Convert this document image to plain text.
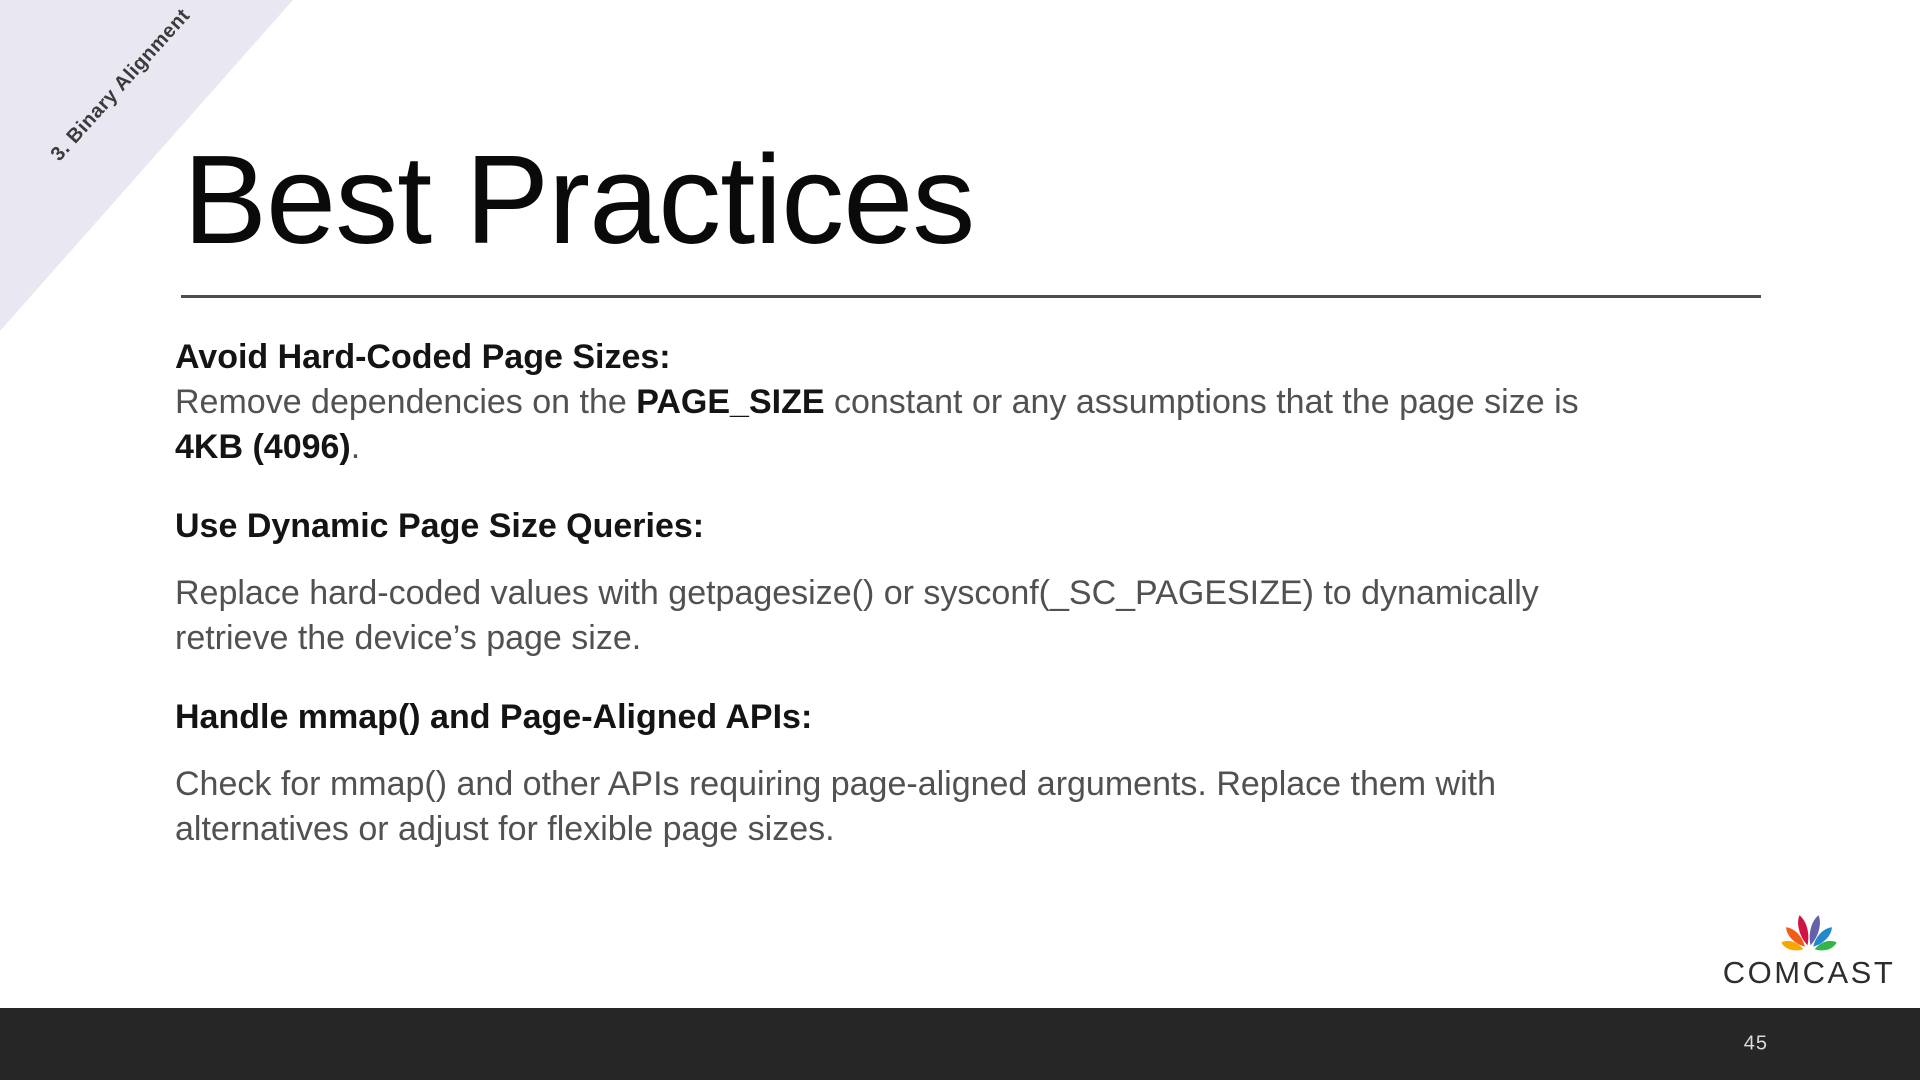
3. Binary Alignment
Best Practices
Avoid Hard-Coded Page Sizes:
Remove dependencies on the PAGE_SIZE constant or any assumptions that the page size is
4KB (4096).
Use Dynamic Page Size Queries:
Replace hard-coded values with getpagesize() or sysconf(_SC_PAGESIZE) to dynamically
retrieve the device’s page size.
Handle mmap() and Page-Aligned APIs:
Check for mmap() and other APIs requiring page-aligned arguments. Replace them with
alternatives or adjust for flexible page sizes.
COMCAST
45
